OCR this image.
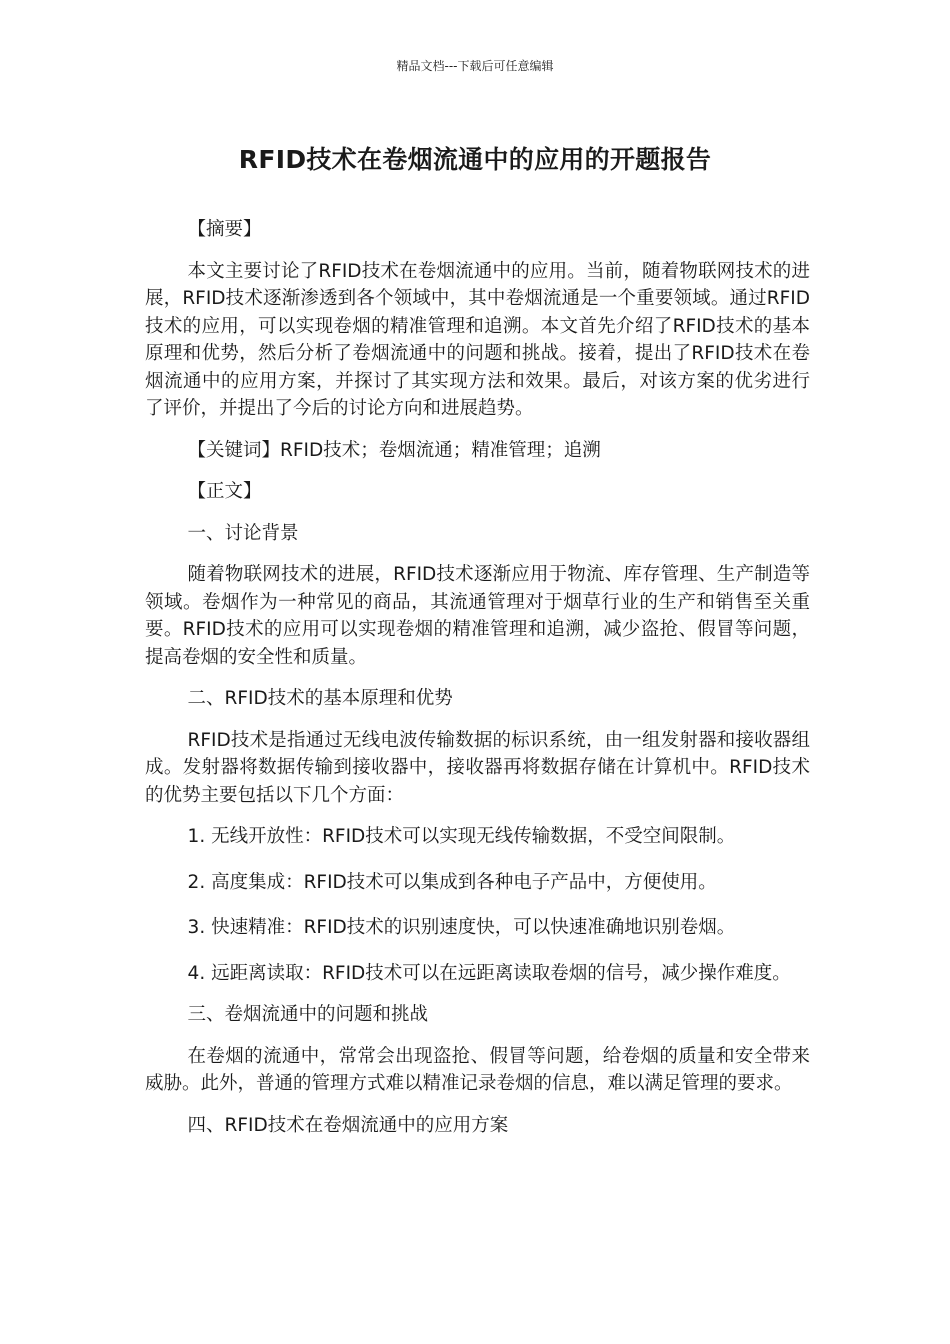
精品文档---下载后可任意编辑
RFID技术在卷烟流通中的应用的开题报告

【摘要】

本文主要讨论了RFID技术在卷烟流通中的应用。当前，随着物联网技术的进展，RFID技术逐渐渗透到各个领域中，其中卷烟流通是一个重要领域。通过RFID技术的应用，可以实现卷烟的精准管理和追溯。本文首先介绍了RFID技术的基本原理和优势，然后分析了卷烟流通中的问题和挑战。接着，提出了RFID技术在卷烟流通中的应用方案，并探讨了其实现方法和效果。最后，对该方案的优劣进行了评价，并提出了今后的讨论方向和进展趋势。

【关键词】RFID技术；卷烟流通；精准管理；追溯

【正文】

一、讨论背景

随着物联网技术的进展，RFID技术逐渐应用于物流、库存管理、生产制造等领域。卷烟作为一种常见的商品，其流通管理对于烟草行业的生产和销售至关重要。RFID技术的应用可以实现卷烟的精准管理和追溯，减少盗抢、假冒等问题，提高卷烟的安全性和质量。

二、RFID技术的基本原理和优势

RFID技术是指通过无线电波传输数据的标识系统，由一组发射器和接收器组成。发射器将数据传输到接收器中，接收器再将数据存储在计算机中。RFID技术的优势主要包括以下几个方面：

1. 无线开放性：RFID技术可以实现无线传输数据，不受空间限制。

2. 高度集成：RFID技术可以集成到各种电子产品中，方便使用。

3. 快速精准：RFID技术的识别速度快，可以快速准确地识别卷烟。

4. 远距离读取：RFID技术可以在远距离读取卷烟的信号，减少操作难度。

三、卷烟流通中的问题和挑战

在卷烟的流通中，常常会出现盗抢、假冒等问题，给卷烟的质量和安全带来威胁。此外，普通的管理方式难以精准记录卷烟的信息，难以满足管理的要求。

四、RFID技术在卷烟流通中的应用方案
